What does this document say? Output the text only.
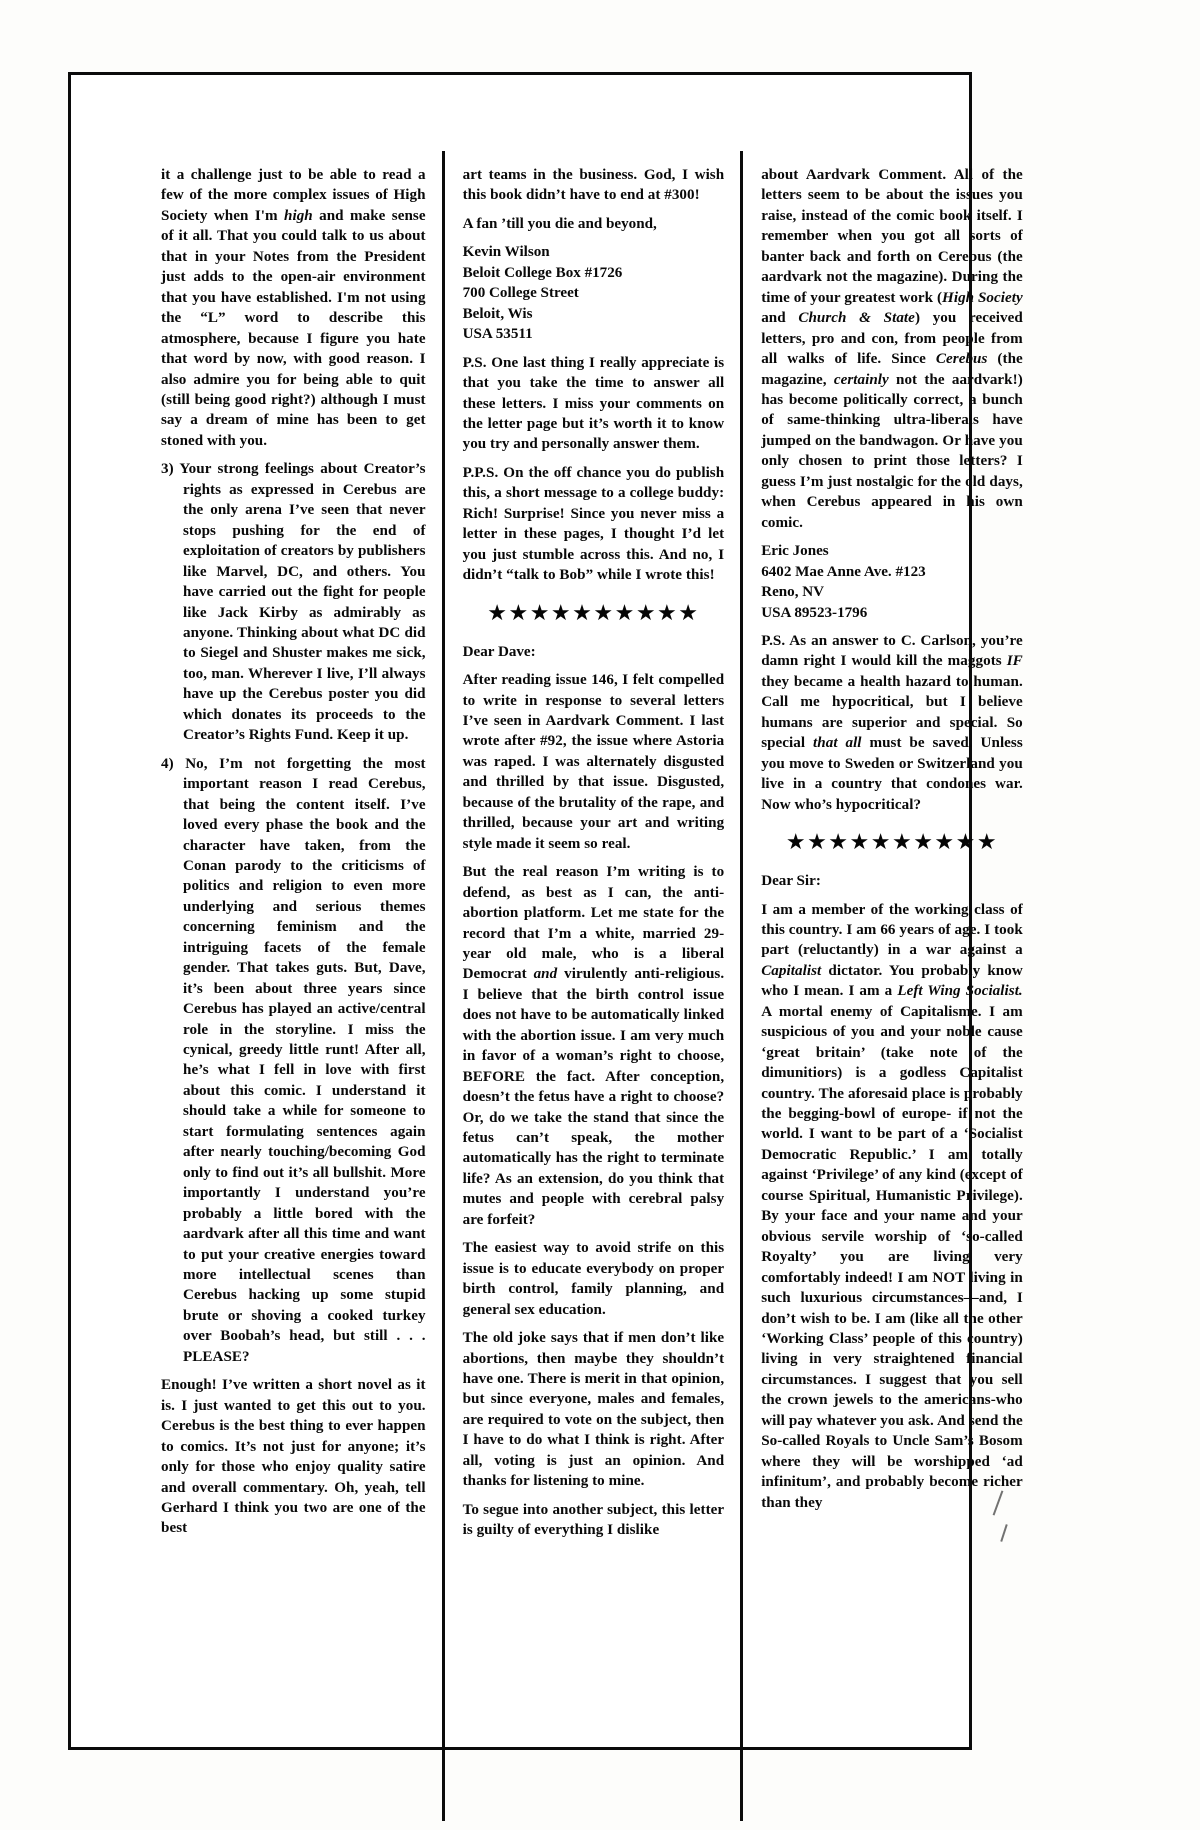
it a challenge just to be able to read a few of the more complex issues of High Society when I'm high and make sense of it all. That you could talk to us about that in your Notes from the President just adds to the open-air environment that you have established. I'm not using the “L” word to describe this atmosphere, because I figure you hate that word by now, with good reason. I also admire you for being able to quit (still being good right?) although I must say a dream of mine has been to get stoned with you.

3) Your strong feelings about Creator’s rights as expressed in Cerebus are the only arena I’ve seen that never stops pushing for the end of exploitation of creators by publishers like Marvel, DC, and others. You have carried out the fight for people like Jack Kirby as admirably as anyone. Thinking about what DC did to Siegel and Shuster makes me sick, too, man. Wherever I live, I’ll always have up the Cerebus poster you did which donates its proceeds to the Creator’s Rights Fund. Keep it up.

4) No, I’m not forgetting the most important reason I read Cerebus, that being the content itself. I’ve loved every phase the book and the character have taken, from the Conan parody to the criticisms of politics and religion to even more underlying and serious themes concerning feminism and the intriguing facets of the female gender. That takes guts. But, Dave, it’s been about three years since Cerebus has played an active/central role in the storyline. I miss the cynical, greedy little runt! After all, he’s what I fell in love with first about this comic. I understand it should take a while for someone to start formulating sentences again after nearly touching/becoming God only to find out it’s all bullshit. More importantly I understand you’re probably a little bored with the aardvark after all this time and want to put your creative energies toward more intellectual scenes than Cerebus hacking up some stupid brute or shoving a cooked turkey over Boobah’s head, but still . . . PLEASE?

Enough! I’ve written a short novel as it is. I just wanted to get this out to you. Cerebus is the best thing to ever happen to comics. It’s not just for anyone; it’s only for those who enjoy quality satire and overall commentary. Oh, yeah, tell Gerhard I think you two are one of the best

art teams in the business. God, I wish this book didn’t have to end at #300!

A fan ’till you die and beyond,

Kevin Wilson
Beloit College Box #1726
700 College Street
Beloit, Wis
USA 53511

P.S. One last thing I really appreciate is that you take the time to answer all these letters. I miss your comments on the letter page but it’s worth it to know you try and personally answer them.

P.P.S. On the off chance you do publish this, a short message to a college buddy: Rich! Surprise! Since you never miss a letter in these pages, I thought I’d let you just stumble across this. And no, I didn’t “talk to Bob” while I wrote this!

★★★★★★★★★★

Dear Dave:

After reading issue 146, I felt compelled to write in response to several letters I’ve seen in Aardvark Comment. I last wrote after #92, the issue where Astoria was raped. I was alternately disgusted and thrilled by that issue. Disgusted, because of the brutality of the rape, and thrilled, because your art and writing style made it seem so real.

But the real reason I’m writing is to defend, as best as I can, the anti-abortion platform. Let me state for the record that I’m a white, married 29-year old male, who is a liberal Democrat and virulently anti-religious. I believe that the birth control issue does not have to be automatically linked with the abortion issue. I am very much in favor of a woman’s right to choose, BEFORE the fact. After conception, doesn’t the fetus have a right to choose? Or, do we take the stand that since the fetus can’t speak, the mother automatically has the right to terminate life? As an extension, do you think that mutes and people with cerebral palsy are forfeit?

The easiest way to avoid strife on this issue is to educate everybody on proper birth control, family planning, and general sex education.

The old joke says that if men don’t like abortions, then maybe they shouldn’t have one. There is merit in that opinion, but since everyone, males and females, are required to vote on the subject, then I have to do what I think is right. After all, voting is just an opinion. And thanks for listening to mine.

To segue into another subject, this letter is guilty of everything I dislike

about Aardvark Comment. All of the letters seem to be about the issues you raise, instead of the comic book itself. I remember when you got all sorts of banter back and forth on Cerebus (the aardvark not the magazine). During the time of your greatest work (High Society and Church & State) you received letters, pro and con, from people from all walks of life. Since Cerebus (the magazine, certainly not the aardvark!) has become politically correct, a bunch of same-thinking ultra-liberals have jumped on the bandwagon. Or have you only chosen to print those letters? I guess I’m just nostalgic for the old days, when Cerebus appeared in his own comic.

Eric Jones
6402 Mae Anne Ave. #123
Reno, NV
USA 89523-1796

P.S. As an answer to C. Carlson, you’re damn right I would kill the maggots IF they became a health hazard to human. Call me hypocritical, but I believe humans are superior and special. So special that all must be saved. Unless you move to Sweden or Switzerland you live in a country that condones war. Now who’s hypocritical?

★★★★★★★★★★

Dear Sir:

I am a member of the working class of this country. I am 66 years of age. I took part (reluctantly) in a war against a Capitalist dictator. You probably know who I mean. I am a Left Wing Socialist. A mortal enemy of Capitalisme. I am suspicious of you and your noble cause ‘great britain’ (take note of the dimunitiors) is a godless Capitalist country. The aforesaid place is probably the begging-bowl of europe- if not the world. I want to be part of a ‘Socialist Democratic Republic.’ I am totally against ‘Privilege’ of any kind (except of course Spiritual, Humanistic Privilege). By your face and your name and your obvious servile worship of ‘so-called Royalty’ you are living very comfortably indeed! I am NOT living in such luxurious circumstances—and, I don’t wish to be. I am (like all the other ‘Working Class’ people of this country) living in very straightened financial circumstances. I suggest that you sell the crown jewels to the americans-who will pay whatever you ask. And send the So-called Royals to Uncle Sam’s Bosom where they will be worshipped ‘ad infinitum’, and probably become richer than they
